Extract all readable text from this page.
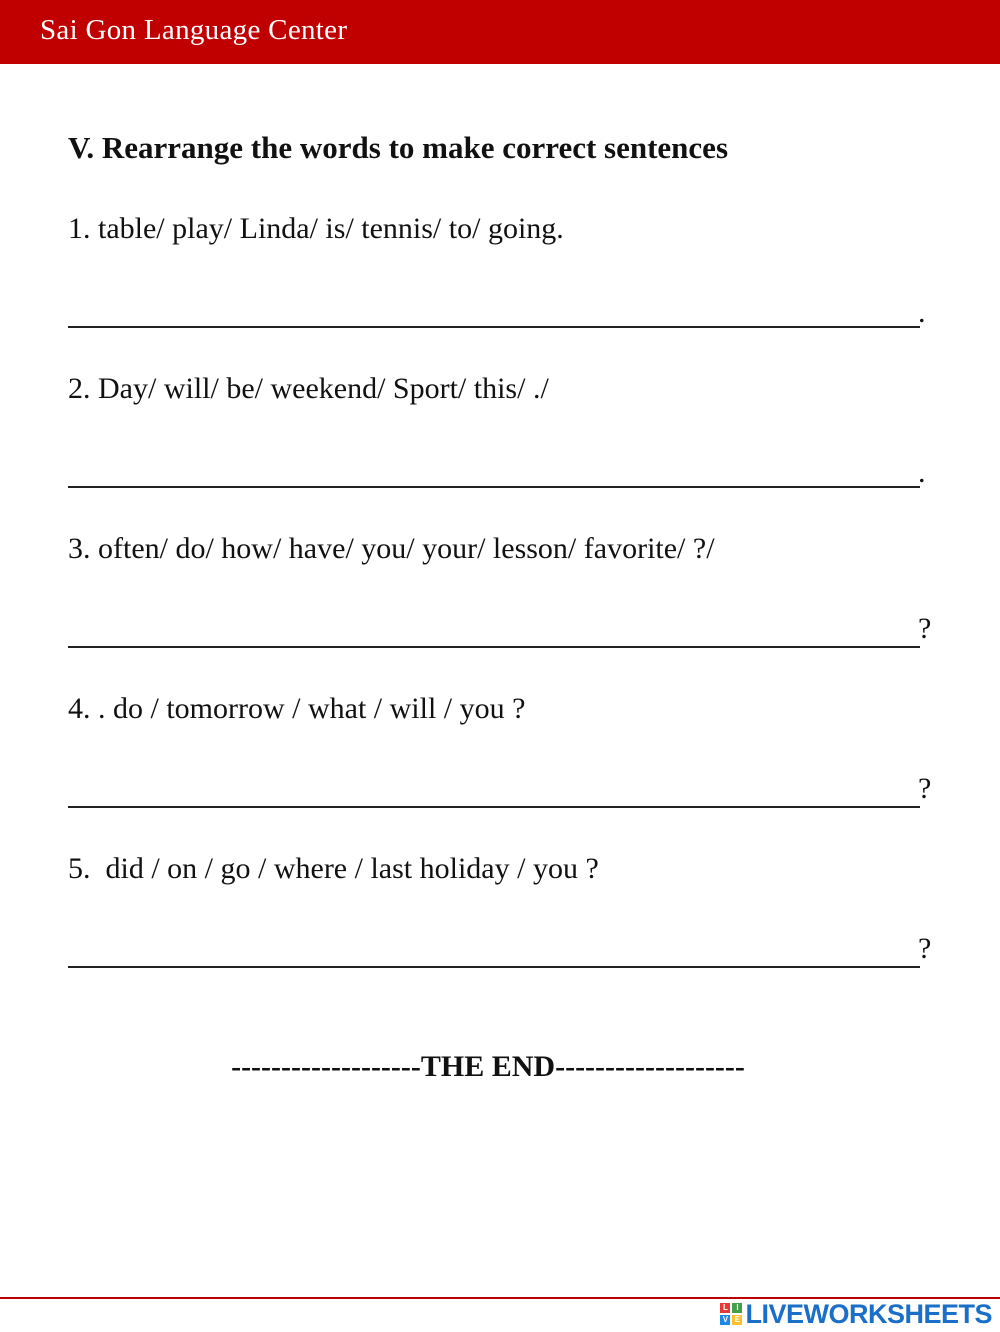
Sai Gon Language Center
V. Rearrange the words to make correct sentences
1. table/ play/ Linda/ is/ tennis/ to/ going.
.
2. Day/ will/ be/ weekend/ Sport/ this/ ./
.
3. often/ do/ how/ have/ you/ your/ lesson/ favorite/ ?/
?
4. . do / tomorrow / what / will / you ?
?
5.  did / on / go / where / last holiday / you ?
?
-------------------THE END-------------------
L	I
V E LIVEWORKSHEETS
